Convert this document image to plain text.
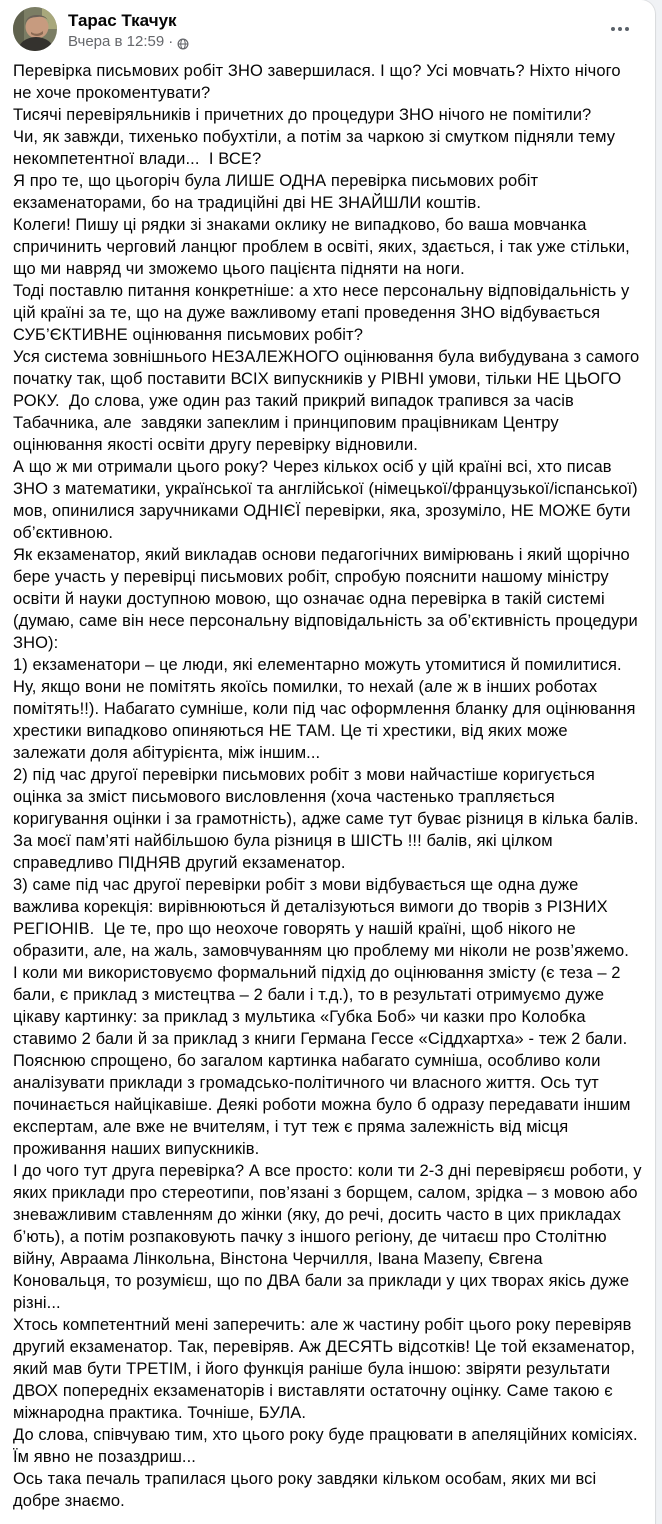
Тарас Ткачук
Вчера в 12:59 ·

Перевірка письмових робіт ЗНО завершилася. І що? Усі мовчать? Ніхто нічого не хоче прокоментувати?

Тисячі перевіряльників і причетних до процедури ЗНО нічого не помітили?

Чи, як завжди, тихенько побухтіли, а потім за чаркою зі смутком підняли тему некомпетентної влади...  І ВСЕ?

Я про те, що цьогоріч була ЛИШЕ ОДНА перевірка письмових робіт екзаменаторами, бо на традиційні дві НЕ ЗНАЙШЛИ коштів.

Колеги! Пишу ці рядки зі знаками оклику не випадково, бо ваша мовчанка спричинить черговий ланцюг проблем в освіті, яких, здається, і так уже стільки, що ми навряд чи зможемо цього пацієнта підняти на ноги.

Тоді поставлю питання конкретніше: а хто несе персональну відповідальність у цій країні за те, що на дуже важливому етапі проведення ЗНО відбувається СУБ’ЄКТИВНЕ оцінювання письмових робіт?

Уся система зовнішнього НЕЗАЛЕЖНОГО оцінювання була вибудувана з самого початку так, щоб поставити ВСІХ випускників у РІВНІ умови, тільки НЕ ЦЬОГО РОКУ.  До слова, уже один раз такий прикрий випадок трапився за часів Табачника, але  завдяки запеклим і принциповим працівникам Центру оцінювання якості освіти другу перевірку відновили.

А що ж ми отримали цього року? Через кількох осіб у цій країні всі, хто писав ЗНО з математики, української та англійської (німецької/французької/іспанської) мов, опинилися заручниками ОДНІЄЇ перевірки, яка, зрозуміло, НЕ МОЖЕ бути об’єктивною.

Як екзаменатор, який викладав основи педагогічних вимірювань і який щорічно бере участь у перевірці письмових робіт, спробую пояснити нашому міністру освіти й науки доступною мовою, що означає одна перевірка в такій системі (думаю, саме він несе персональну відповідальність за об’єктивність процедури ЗНО):

1) екзаменатори – це люди, які елементарно можуть утомитися й помилитися. Ну, якщо вони не помітять якоїсь помилки, то нехай (але ж в інших роботах помітять!!). Набагато сумніше, коли під час оформлення бланку для оцінювання хрестики випадково опиняються НЕ ТАМ. Це ті хрестики, від яких може залежати доля абітурієнта, між іншим...

2) під час другої перевірки письмових робіт з мови найчастіше коригується оцінка за зміст письмового висловлення (хоча частенько трапляється коригування оцінки і за грамотність), адже саме тут буває різниця в кілька балів. За моєї пам’яті найбільшою була різниця в ШІСТЬ !!! балів, які цілком справедливо ПІДНЯВ другий екзаменатор.

3) саме під час другої перевірки робіт з мови відбувається ще одна дуже важлива корекція: вирівнюються й деталізуються вимоги до творів з РІЗНИХ РЕГІОНІВ.  Це те, про що неохоче говорять у нашій країні, щоб нікого не образити, але, на жаль, замовчуванням цю проблему ми ніколи не розв’яжемо.

І коли ми використовуємо формальний підхід до оцінювання змісту (є теза – 2 бали, є приклад з мистецтва – 2 бали і т.д.), то в результаті отримуємо дуже цікаву картинку: за приклад з мультика «Губка Боб» чи казки про Колобка ставимо 2 бали й за приклад з книги Германа Гессе «Сіддхартха» - теж 2 бали.

Пояснюю спрощено, бо загалом картинка набагато сумніша, особливо коли аналізувати приклади з громадсько-політичного чи власного життя. Ось тут починається найцікавіше. Деякі роботи можна було б одразу передавати іншим експертам, але вже не вчителям, і тут теж є пряма залежність від місця проживання наших випускників.

І до чого тут друга перевірка? А все просто: коли ти 2-3 дні перевіряєш роботи, у яких приклади про стереотипи, пов’язані з борщем, салом, зрідка – з мовою або зневажливим ставленням до жінки (яку, до речі, досить часто в цих прикладах б’ють), а потім розпаковують пачку з іншого регіону, де читаєш про Столітню війну, Авраама Лінкольна, Вінстона Черчилля, Івана Мазепу, Євгена Коновальця, то розумієш, що по ДВА бали за приклади у цих творах якісь дуже різні...

Хтось компетентний мені заперечить: але ж частину робіт цього року перевіряв другий екзаменатор. Так, перевіряв. Аж ДЕСЯТЬ відсотків! Це той екзаменатор, який мав бути ТРЕТІМ, і його функція раніше була іншою: звіряти результати ДВОХ попередніх екзаменаторів і виставляти остаточну оцінку. Саме такою є міжнародна практика. Точніше, БУЛА.

До слова, співчуваю тим, хто цього року буде працювати в апеляційних комісіях. Їм явно не позаздриш...

Ось така печаль трапилася цього року завдяки кільком особам, яких ми всі добре знаємо.
